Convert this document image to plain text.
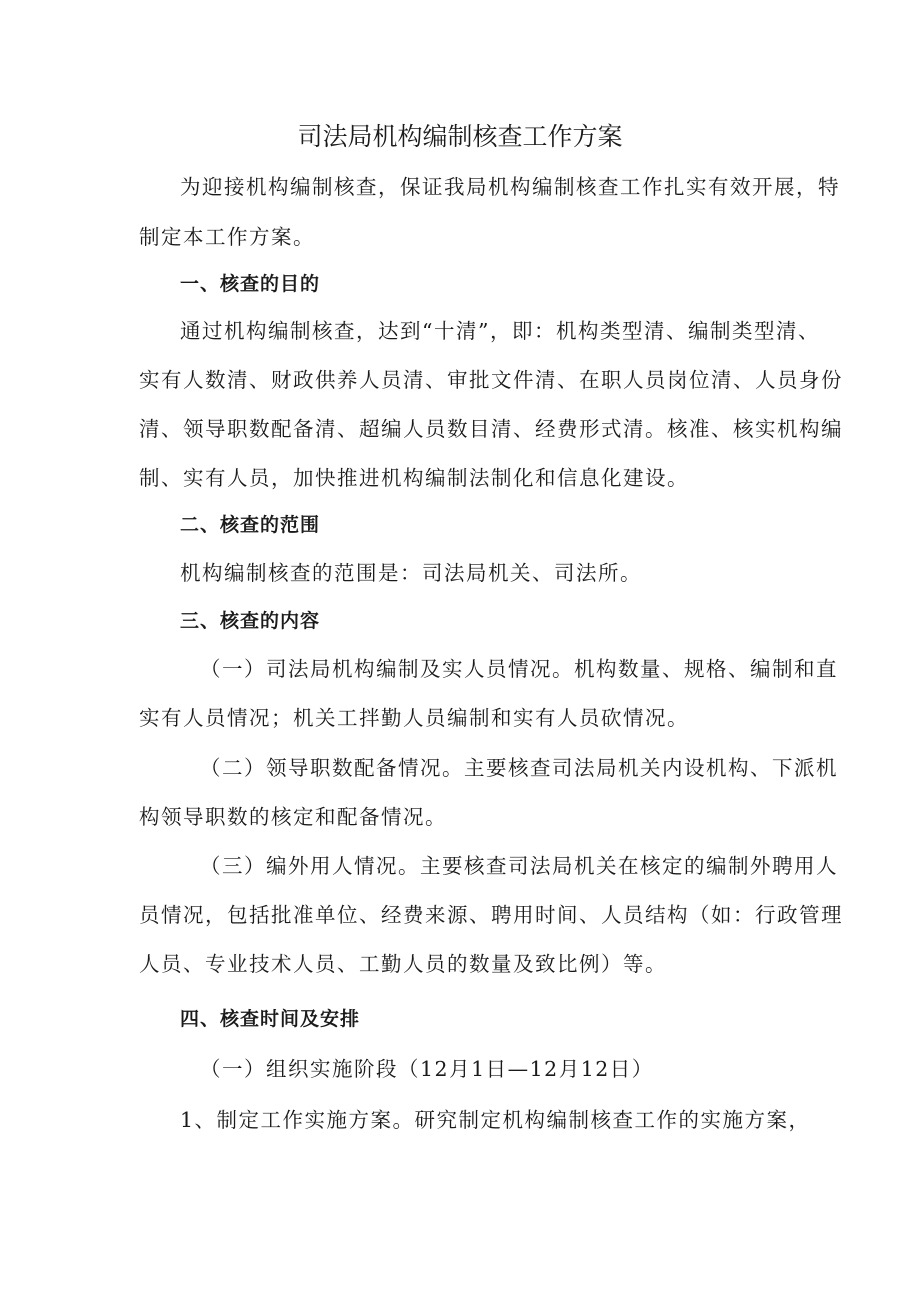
司法局机构编制核查工作方案
为迎接机构编制核查，保证我局机构编制核查工作扎实有效开展，特
制定本工作方案。
一、核查的目的
通过机构编制核查，达到“十清”，即：机构类型清、编制类型清、
实有人数清、财政供养人员清、审批文件清、在职人员岗位清、人员身份
清、领导职数配备清、超编人员数目清、经费形式清。核准、核实机构编
制、实有人员，加快推进机构编制法制化和信息化建设。
二、核查的范围
机构编制核查的范围是：司法局机关、司法所。
三、核查的内容
（一）司法局机构编制及实人员情况。机构数量、规格、编制和直
实有人员情况；机关工拌勤人员编制和实有人员砍情况。
（二）领导职数配备情况。主要核查司法局机关内设机构、下派机
构领导职数的核定和配备情况。
（三）编外用人情况。主要核查司法局机关在核定的编制外聘用人
员情况，包括批准单位、经费来源、聘用时间、人员结构（如：行政管理
人员、专业技术人员、工勤人员的数量及致比例）等。
四、核查时间及安排
（一）组织实施阶段（12月1日—12月12日）
1、制定工作实施方案。研究制定机构编制核查工作的实施方案，
